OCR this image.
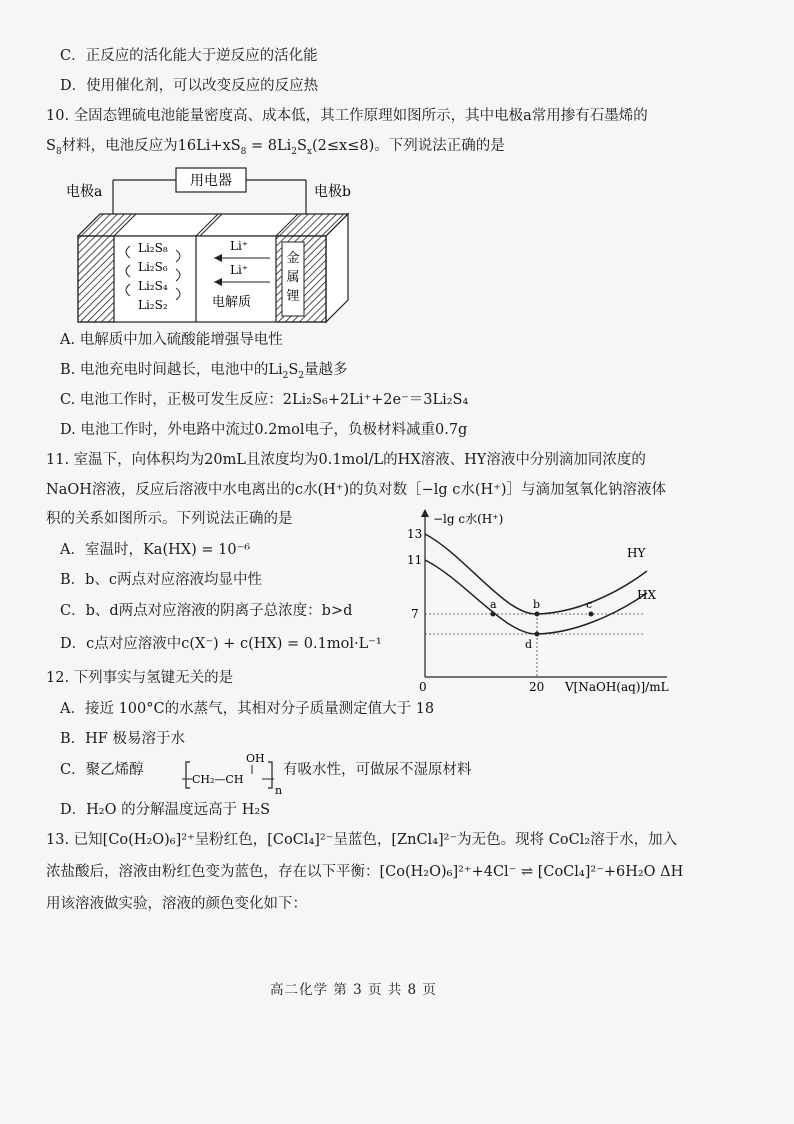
C．正反应的活化能大于逆反应的活化能
D．使用催化剂，可以改变反应的反应热
10. 全固态锂硫电池能量密度高、成本低，其工作原理如图所示，其中电极a常用掺有石墨烯的
$S_8$材料，电池反应为$16Li+xS_8 = 8Li_2S_x(2\le x\le 8)$。下列说法正确的是
用电器
电极a	电极b
Li₂S₈
Li₂S₆
Li₂S₄
Li₂S₂
Li⁺
Li⁺
电解质
金
属
锂
A. 电解质中加入硫酸能增强导电性
B. 电池充电时间越长，电池中的$Li_2S_2$量越多
C. 电池工作时，正极可发生反应：2Li₂S₆+2Li⁺+2e⁻＝3Li₂S₄
D. 电池工作时，外电路中流过0.2mol电子，负极材料减重0.7g
11. 室温下，向体积均为20mL且浓度均为0.1mol/L的HX溶液、HY溶液中分别滴加同浓度的
NaOH溶液，反应后溶液中水电离出的c水(H⁺)的负对数［−lg c水(H⁺)］与滴加氢氧化钠溶液体
积的关系如图所示。下列说法正确的是
A．室温时，Ka(HX) = 10⁻⁶
B．b、c两点对应溶液均显中性
C．b、d两点对应溶液的阴离子总浓度：b>d
D．c点对应溶液中c(X⁻) + c(HX) = 0.1mol·L⁻¹
−lg c水(H⁺)
V[NaOH(aq)]/mL
0
13
11
7
20
HY
HX
a	b	c
d
12. 下列事实与氢键无关的是
A．接近 100°C的水蒸气，其相对分子质量测定值大于 18
B．HF 极易溶于水
C．聚乙烯醇
OH
CH₂—CH
n
有吸水性，可做尿不湿原材料
D．H₂O 的分解温度远高于 H₂S
13. 已知[Co(H₂O)₆]²⁺呈粉红色，[CoCl₄]²⁻呈蓝色，[ZnCl₄]²⁻为无色。现将 CoCl₂溶于水，加入
浓盐酸后，溶液由粉红色变为蓝色，存在以下平衡：[Co(H₂O)₆]²⁺+4Cl⁻ ⇌ [CoCl₄]²⁻+6H₂O ΔH
用该溶液做实验，溶液的颜色变化如下：
高二化学 第 3 页 共 8 页
